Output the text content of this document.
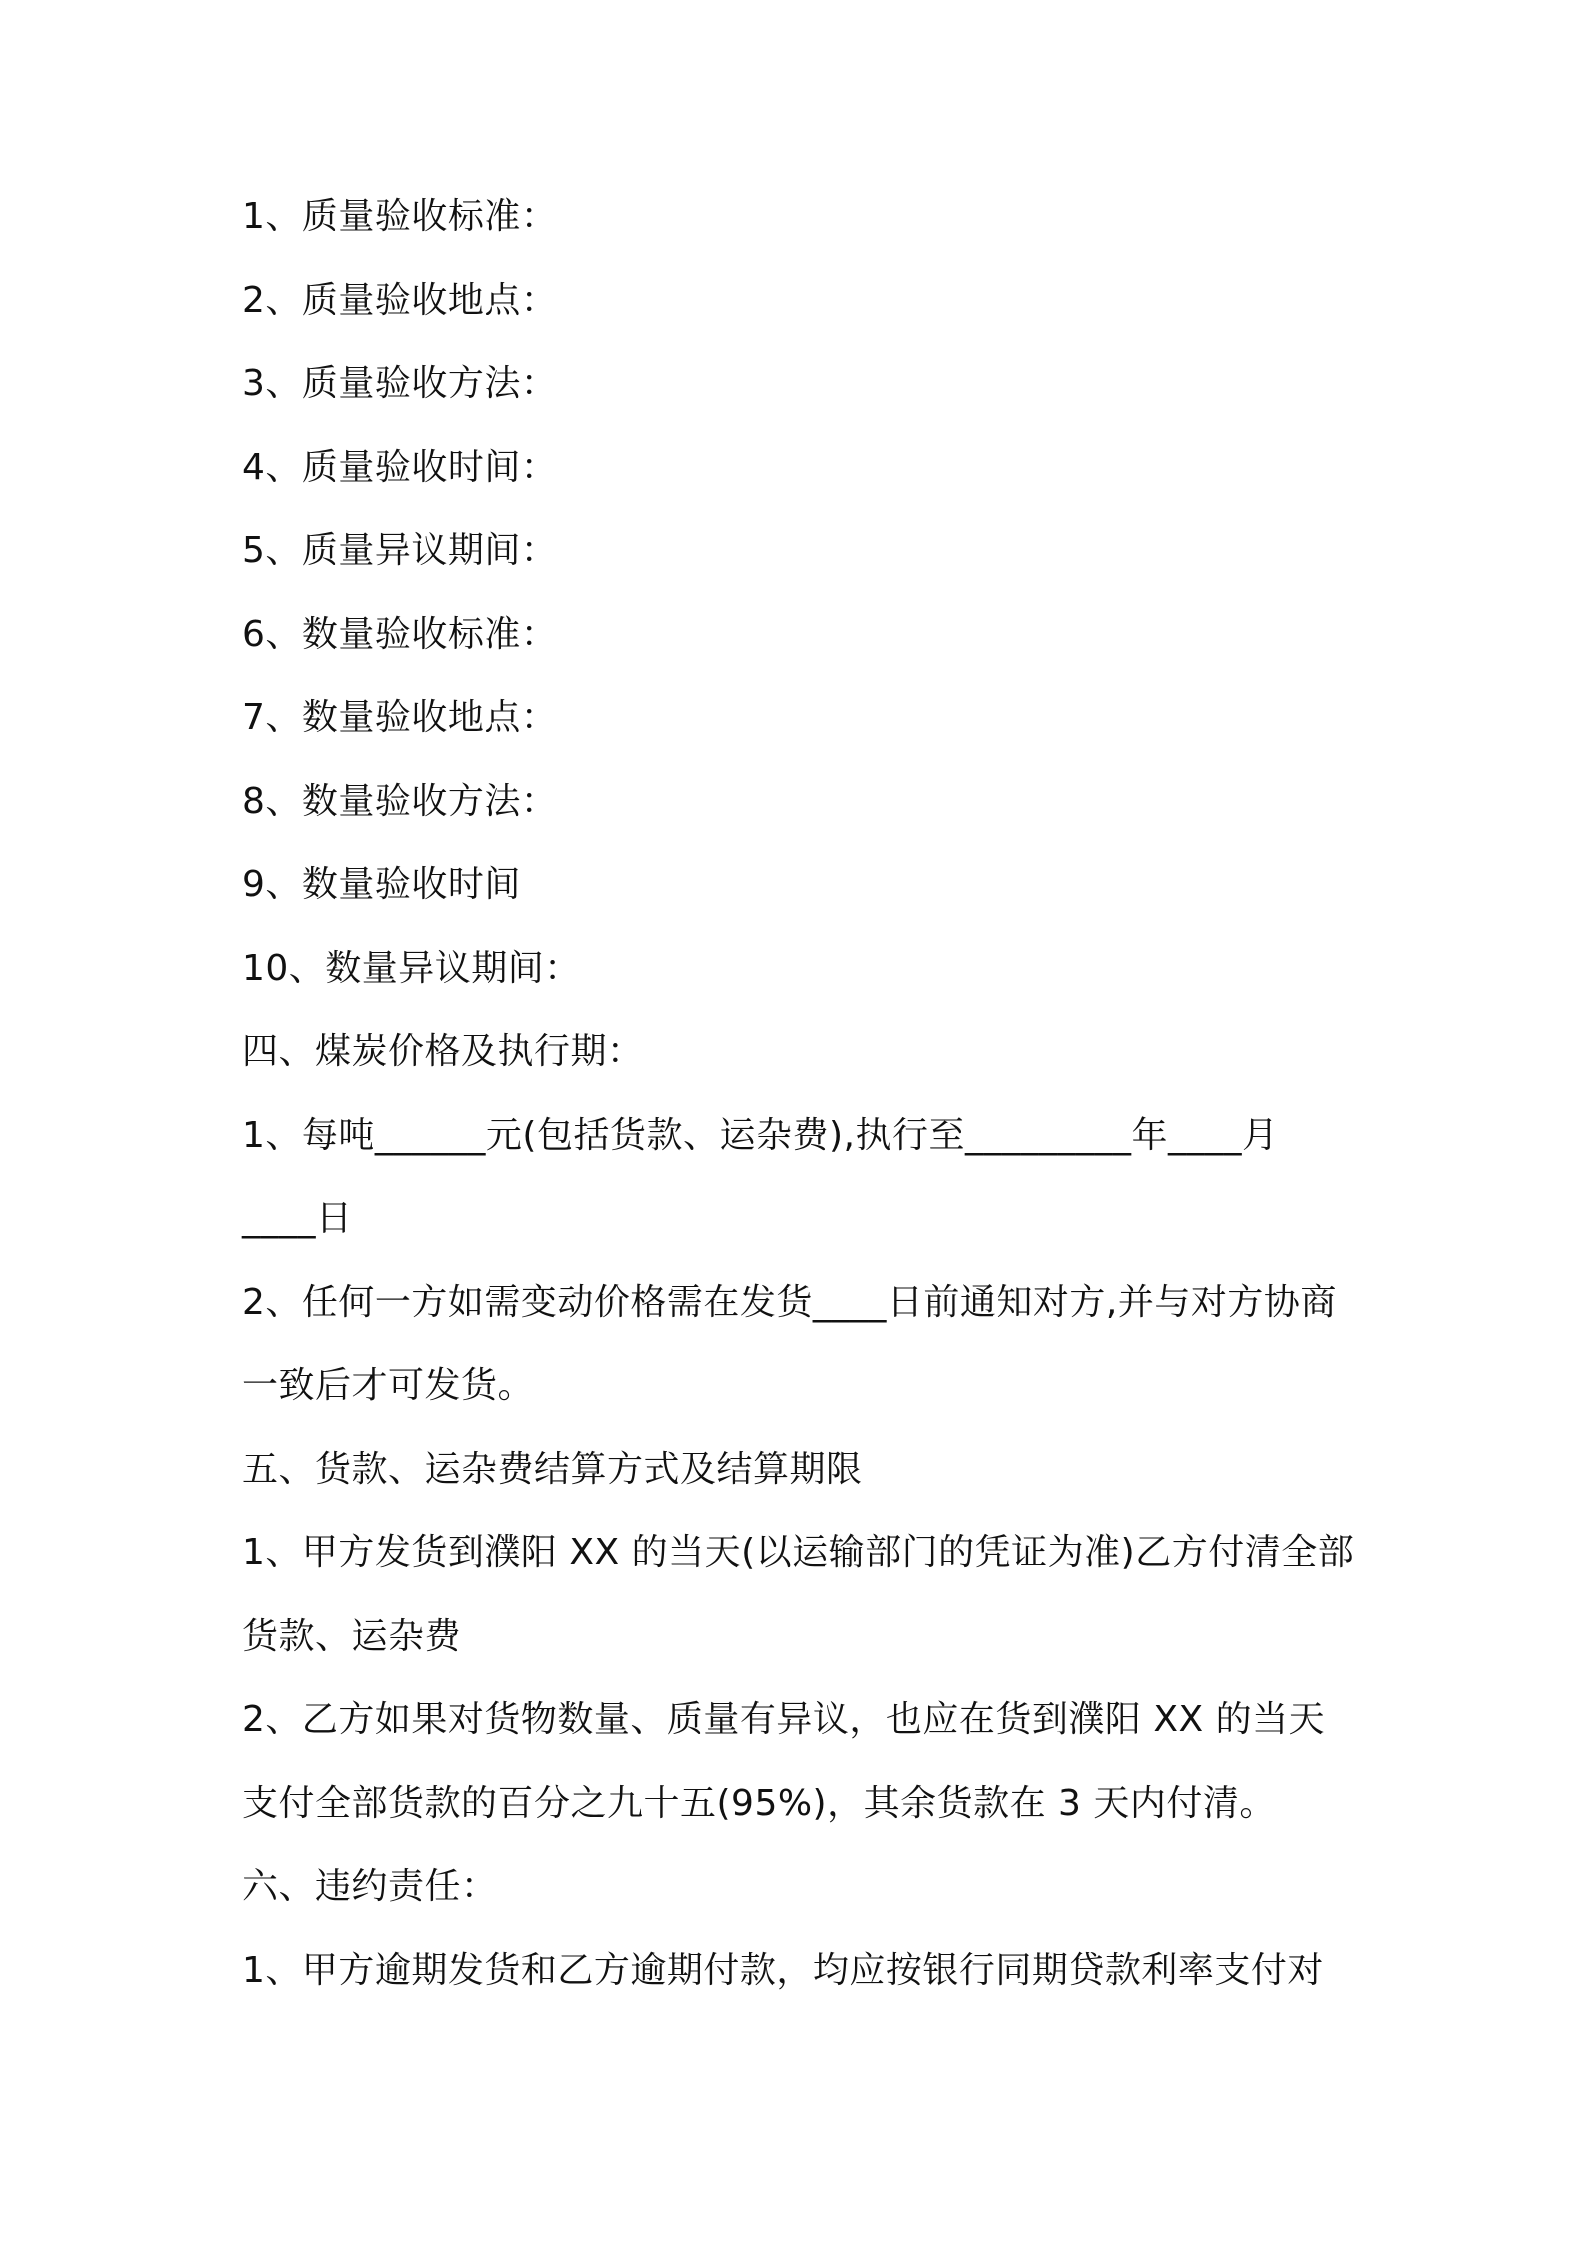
1、质量验收标准：
2、质量验收地点：
3、质量验收方法：
4、质量验收时间：
5、质量异议期间：
6、数量验收标准：
7、数量验收地点：
8、数量验收方法：
9、数量验收时间
10、数量异议期间：
四、煤炭价格及执行期：
1、每吨______元(包括货款、运杂费),执行至_________年____月
____日
2、任何一方如需变动价格需在发货____日前通知对方,并与对方协商
一致后才可发货。
五、货款、运杂费结算方式及结算期限
1、甲方发货到濮阳 XX 的当天(以运输部门的凭证为准)乙方付清全部
货款、运杂费
2、乙方如果对货物数量、质量有异议，也应在货到濮阳 XX 的当天
支付全部货款的百分之九十五(95%)，其余货款在 3 天内付清。
六、违约责任：
1、甲方逾期发货和乙方逾期付款，均应按银行同期贷款利率支付对
